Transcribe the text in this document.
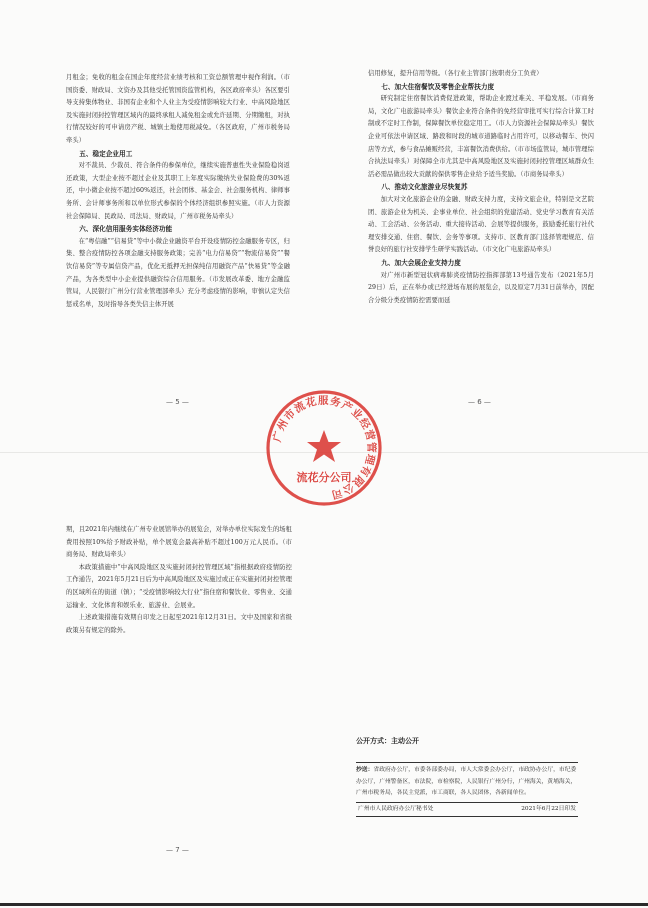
月租金；免收的租金在国企年度经营业绩考核和工资总额管理中视作利润。（市国资委、财政局、文资办及其他受托管国资监管机构，各区政府牵头）各区要引导支持集体物业、非国有企业和个人业主为受疫情影响较大行业、中高风险地区及实施封闭封控管理区域内的最终承租人减免租金或允许延期、分期缴租，对执行情况较好的可申请房产税、城镇土地使用税减免。（各区政府，广州市税务局牵头）

五、稳定企业用工

对不裁员、少裁员、符合条件的参保单位，继续实施普惠性失业保险稳岗返还政策，大型企业按不超过企业及其职工上年度实际缴纳失业保险费的30%返还，中小微企业按不超过60%返还，社会团体、基金会、社会服务机构、律师事务所、会计师事务所和以单位形式参保的个体经济组织参照实施。（市人力资源社会保障局、民政局、司法局、财政局，广州市税务局牵头）

六、深化信用服务实体经济功能

在“粤信融”“信易贷”等中小微企业融资平台开设疫情防控金融服务专区，归集、整合疫情防控各项金融支持服务政策；完善“电力信易贷”“物流信易贷”“餐饮信易贷”等专属信贷产品，优化无抵押无担保纯信用融资产品“快易贷”等金融产品，为各类型中小企业提供融资综合信用服务。（市发展改革委、地方金融监管局，人民银行广州分行营业管理部牵头）充分考虑疫情的影响，审慎认定失信惩戒名单，及时指导各类失信主体开展

— 5 —

信用修复，提升信用等级。（各行业主管部门按职责分工负责）

七、加大住宿餐饮及零售企业帮扶力度

研究制定住宿餐饮消费促进政策，帮助企业渡过难关、平稳发展。（市商务局，文化广电旅游局牵头）餐饮企业符合条件的免经营审批可实行综合计算工时制或不定时工作制，保障餐饮单位稳定用工。（市人力资源社会保障局牵头）餐饮企业可依法申请区域、路段和时段的城市道路临时占用许可，以移动餐车、快闪店等方式，参与食品摊贩经营，丰富餐饮消费供给。（市市场监管局，城市管理综合执法局牵头）对保障全市尤其是中高风险地区及实施封闭封控管理区域群众生活必需品做出较大贡献的保供零售企业给予适当奖励。（市商务局牵头）

八、推动文化旅游业尽快复苏

加大对文化旅游企业的金融、财政支持力度，支持文旅企业，特别是文艺院团、旅游企业为机关、企事业单位、社会组织的党建活动、党史学习教育有关活动、工会活动、公务活动、重大接待活动、会展等提供服务，鼓励委托旅行社代理安排交通、住宿、餐饮、会务等事项。支持市、区教育部门选择管理规范、信誉良好的旅行社安排学生研学实践活动。（市文化广电旅游局牵头）

九、加大会展企业支持力度

对广州市新型冠状病毒肺炎疫情防控指挥部第13号通告发布（2021年5月29日）后，正在举办或已经进场布展的展览会，以及原定7月31日前举办，因配合分级分类疫情防控需要而延

— 6 —
广州市流花服务产业经营管理有限公司
流花分公司

期，且2021年内继续在广州专业展馆举办的展览会，对举办单位实际发生的场租费用按照10%给予财政补贴，单个展览会最高补贴不超过100万元人民币。（市商务局、财政局牵头）

本政策措施中“中高风险地区及实施封闭封控管理区域”指根据政府疫情防控工作通告，2021年5月21日后为中高风险地区及实施过或正在实施封闭封控管理的区域所在的街道（镇）；“受疫情影响较大行业”指住宿和餐饮业、零售业、交通运输业、文化体育和娱乐业、旅游业、会展业。

上述政策措施有效期自印发之日起至2021年12月31日。文中及国家和省级政策另有规定的除外。

— 7 —
公开方式：主动公开
抄送：省政府办公厅，市委各部委办局，市人大常委会办公厅，市政协办公厅，市纪委办公厅，广州警备区，市法院，市检察院，人民银行广州分行，广州海关，黄埔海关，广州市税务局，各民主党派，市工商联，各人民团体，各新闻单位。
广州市人民政府办公厅秘书处	2021年6月22日印发
